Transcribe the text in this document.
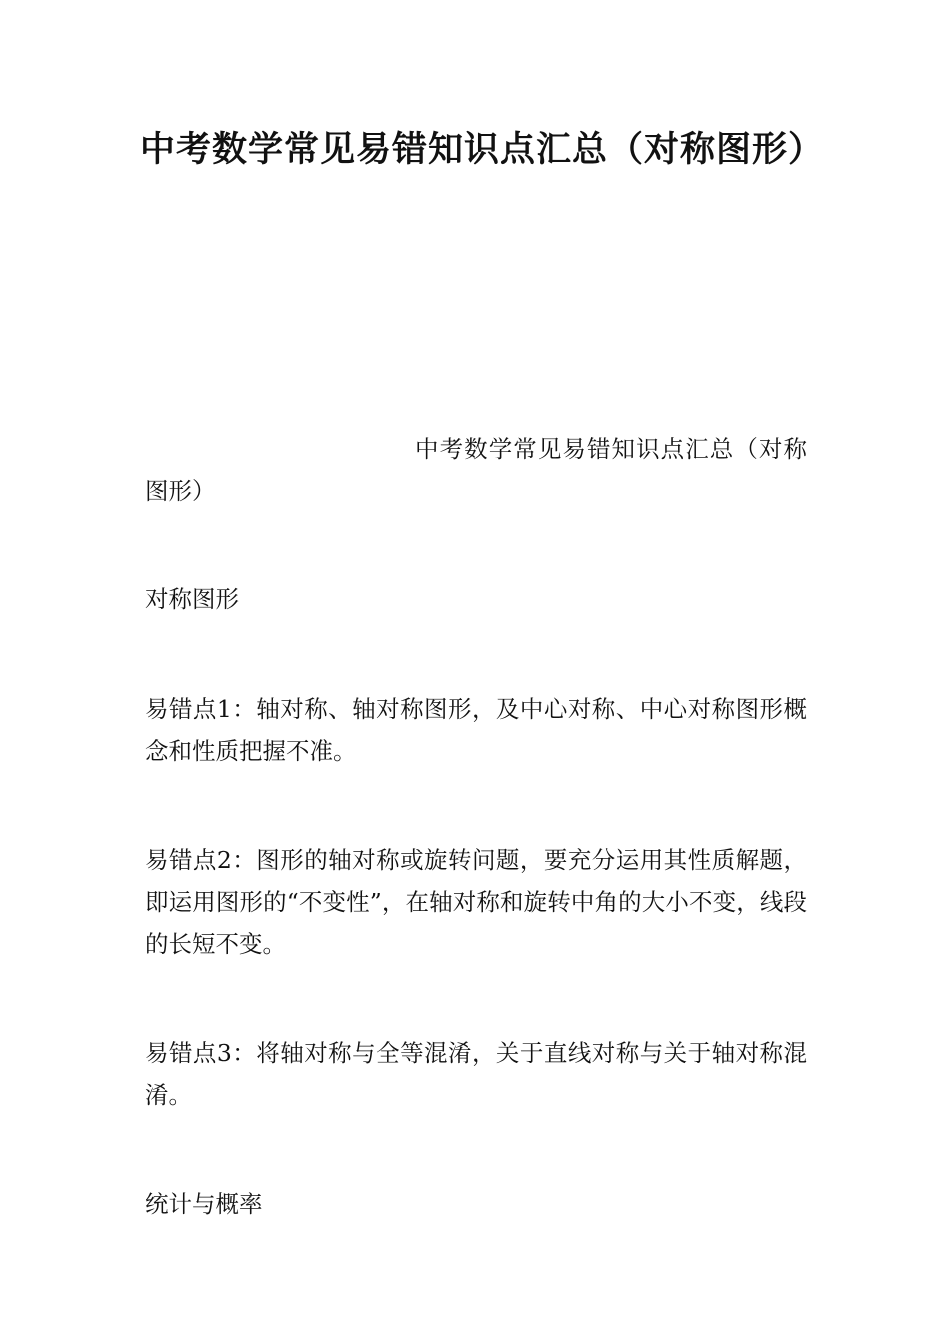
中考数学常见易错知识点汇总（对称图形）

中考数学常见易错知识点汇总（对称图形）

对称图形

易错点1：轴对称、轴对称图形，及中心对称、中心对称图形概念和性质把握不准。

易错点2：图形的轴对称或旋转问题，要充分运用其性质解题，即运用图形的“不变性”，在轴对称和旋转中角的大小不变，线段的长短不变。

易错点3：将轴对称与全等混淆，关于直线对称与关于轴对称混淆。

统计与概率
